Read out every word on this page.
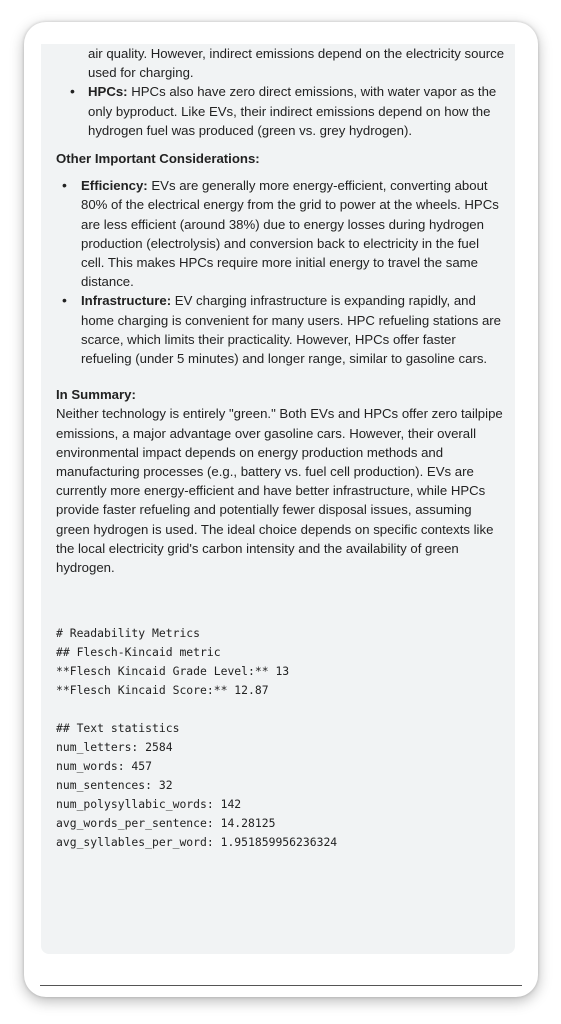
air quality. However, indirect emissions depend on the electricity source used for charging.
• HPCs: HPCs also have zero direct emissions, with water vapor as the only byproduct. Like EVs, their indirect emissions depend on how the hydrogen fuel was produced (green vs. grey hydrogen).
Other Important Considerations:
• Efficiency: EVs are generally more energy-efficient, converting about 80% of the electrical energy from the grid to power at the wheels. HPCs are less efficient (around 38%) due to energy losses during hydrogen production (electrolysis) and conversion back to electricity in the fuel cell. This makes HPCs require more initial energy to travel the same distance.
• Infrastructure: EV charging infrastructure is expanding rapidly, and home charging is convenient for many users. HPC refueling stations are scarce, which limits their practicality. However, HPCs offer faster refueling (under 5 minutes) and longer range, similar to gasoline cars.
In Summary:
Neither technology is entirely "green." Both EVs and HPCs offer zero tailpipe emissions, a major advantage over gasoline cars. However, their overall environmental impact depends on energy production methods and manufacturing processes (e.g., battery vs. fuel cell production). EVs are currently more energy-efficient and have better infrastructure, while HPCs provide faster refueling and potentially fewer disposal issues, assuming green hydrogen is used. The ideal choice depends on specific contexts like the local electricity grid's carbon intensity and the availability of green hydrogen.
# Readability Metrics
## Flesch-Kincaid metric
**Flesch Kincaid Grade Level:** 13
**Flesch Kincaid Score:** 12.87
## Text statistics
num_letters: 2584
num_words: 457
num_sentences: 32
num_polysyllabic_words: 142
avg_words_per_sentence: 14.28125
avg_syllables_per_word: 1.951859956236324
